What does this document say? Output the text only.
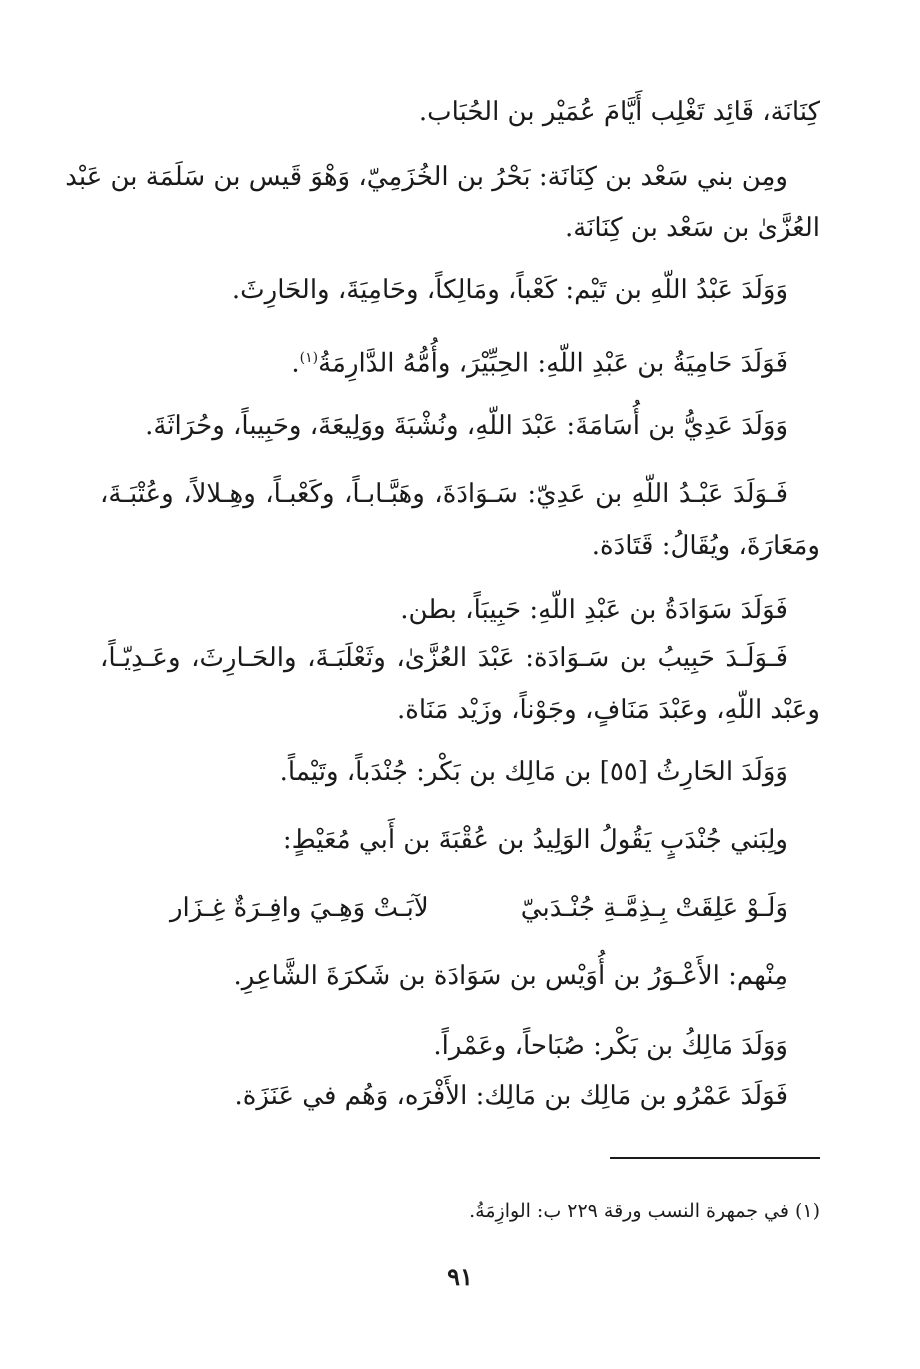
كِنَانَة، قَائِد تَغْلِب أَيَّامَ عُمَيْر بن الحُبَاب.
ومِن بني سَعْد بن كِنَانَة: بَحْرُ بن الخُزَمِيّ، وَهْوَ قَيس بن سَلَمَة بن عَبْد
العُزَّىٰ بن سَعْد بن كِنَانَة.
وَوَلَدَ عَبْدُ اللّهِ بن تَيْم: كَعْباً، ومَالِكاً، وحَامِيَةَ، والحَارِثَ.
فَوَلَدَ حَامِيَةُ بن عَبْدِ اللّهِ: الحِبِّيْرَ، وأُمُّهُ الدَّارِمَةُ$^{(١)}$.
وَوَلَدَ عَدِيُّ بن أُسَامَةَ: عَبْدَ اللّهِ، ونُشْبَةَ ووَلِيعَةَ، وحَبِيباً، وحُرَاثَةَ.
فَـوَلَدَ عَبْـدُ اللّهِ بن عَدِيّ: سَـوَادَةَ، وهَبَّـابـاً، وكَعْبـاً، وهِـلالاً، وعُتْبَـةَ،
ومَعَارَةَ، ويُقَالُ: قَتَادَة.
فَوَلَدَ سَوَادَةُ بن عَبْدِ اللّهِ: حَبِيبَاً، بطن.
فَـوَلَـدَ حَبِيبُ بن سَـوَادَة: عَبْدَ العُزَّىٰ، وثَعْلَبَـةَ، والحَـارِثَ، وعَـدِيّـاً،
وعَبْد اللّهِ، وعَبْدَ مَنَافٍ، وجَوْناً، وزَيْد مَنَاة.
وَوَلَدَ الحَارِثُ [٥٥] بن مَالِك بن بَكْر: جُنْدَباً، وتَيْماً.
ولِبَني جُنْدَبٍ يَقُولُ الوَلِيدُ بن عُقْبَةَ بن أَبي مُعَيْطٍ:
وَلَـوْ عَلِقَتْ بِـذِمَّـةِ جُنْـدَبيّ
لآبَـتْ وَهِـيَ وافِـرَةٌ غِـزَار
مِنْهم: الأَعْـوَرُ بن أُوَيْس بن سَوَادَة بن شَكرَةَ الشَّاعِرِ.
وَوَلَدَ مَالِكُ بن بَكْر: صُبَاحاً، وعَمْراً.
فَوَلَدَ عَمْرُو بن مَالِك بن مَالِك: الأَفْرَه، وَهُم في عَنَزَة.
(١) في جمهرة النسب ورقة ٢٢٩ ب: الوازِمَةُ.
٩١
